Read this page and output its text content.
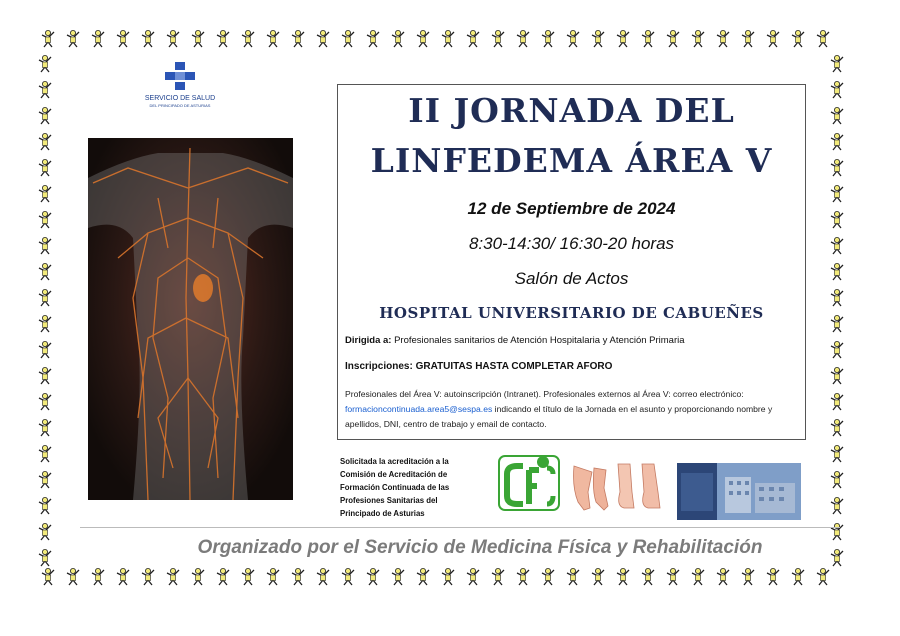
SERVICIO DE SALUD
DEL PRINCIPADO DE ASTURIAS	II JORNADA DEL
LINFEDEMA ÁREA V
12 de Septiembre de 2024
8:30-14:30/ 16:30-20 horas
Salón de Actos
HOSPITAL UNIVERSITARIO DE CABUEÑES
Dirigida a: Profesionales sanitarios de Atención Hospitalaria y Atención Primaria
Inscripciones: GRATUITAS HASTA COMPLETAR AFORO
Profesionales del Área V: autoinscripción (Intranet). Profesionales externos al Área V: correo electrónico: formacioncontinuada.area5@sespa.es indicando el título de la Jornada en el asunto y proporcionando nombre y apellidos, DNI, centro de trabajo y email de contacto.
Solicitada la acreditación a la
Comisión de Acreditación de
Formación Continuada de las
Profesiones Sanitarias del
Principado de Asturias
Organizado por el Servicio de Medicina Física y Rehabilitación
